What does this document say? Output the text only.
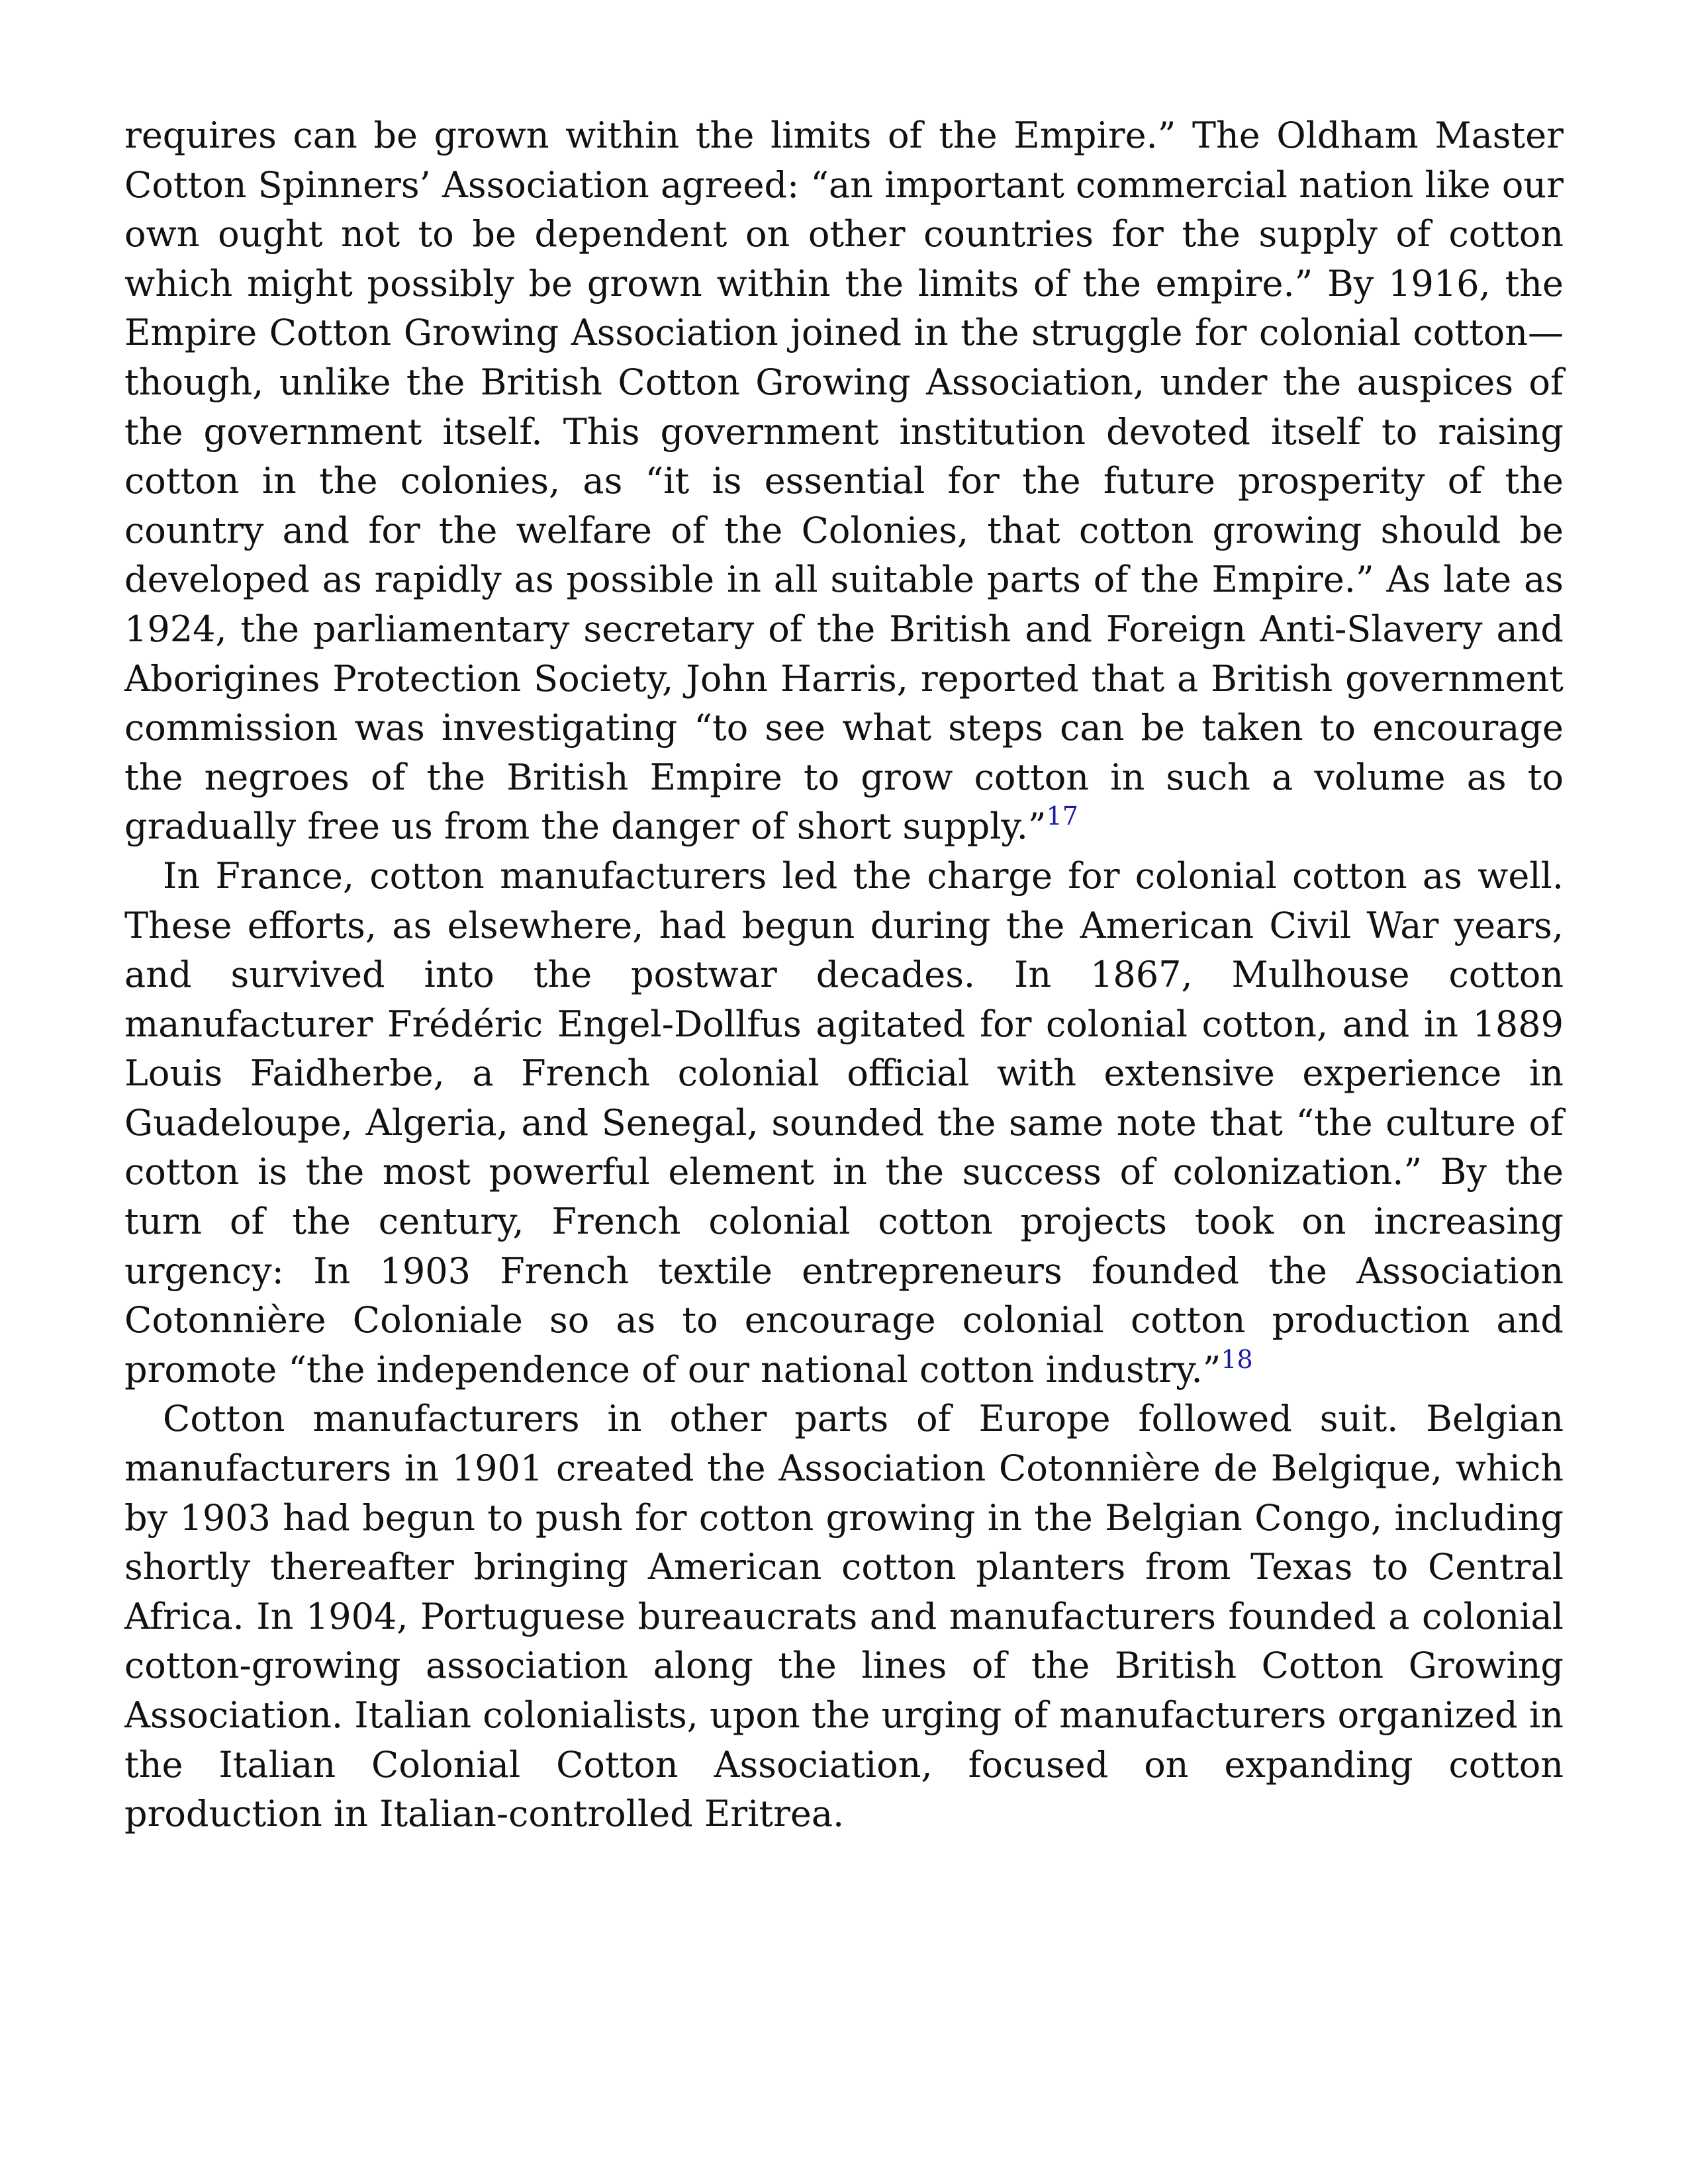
requires can be grown within the limits of the Empire.” The Oldham Master Cotton Spinners’ Association agreed: “an important commercial nation like our own ought not to be dependent on other countries for the supply of cotton which might possibly be grown within the limits of the empire.” By 1916, the Empire Cotton Growing Association joined in the struggle for colonial cotton—though, unlike the British Cotton Growing Association, under the auspices of the government itself. This government institution devoted itself to raising cotton in the colonies, as “it is essential for the future prosperity of the country and for the welfare of the Colonies, that cotton growing should be developed as rapidly as possible in all suitable parts of the Empire.” As late as 1924, the parliamentary secretary of the British and Foreign Anti-Slavery and Aborigines Protection Society, John Harris, reported that a British government commission was investigating “to see what steps can be taken to encourage the negroes of the British Empire to grow cotton in such a volume as to gradually free us from the danger of short supply.”$^{17}$

In France, cotton manufacturers led the charge for colonial cotton as well. These efforts, as elsewhere, had begun during the American Civil War years, and survived into the postwar decades. In 1867, Mulhouse cotton manufacturer Frédéric Engel-Dollfus agitated for colonial cotton, and in 1889 Louis Faidherbe, a French colonial official with extensive experience in Guadeloupe, Algeria, and Senegal, sounded the same note that “the culture of cotton is the most powerful element in the success of colonization.” By the turn of the century, French colonial cotton projects took on increasing urgency: In 1903 French textile entrepreneurs founded the Association Cotonnière Coloniale so as to encourage colonial cotton production and promote “the independence of our national cotton industry.”$^{18}$

Cotton manufacturers in other parts of Europe followed suit. Belgian manufacturers in 1901 created the Association Cotonnière de Belgique, which by 1903 had begun to push for cotton growing in the Belgian Congo, including shortly thereafter bringing American cotton planters from Texas to Central Africa. In 1904, Portuguese bureaucrats and manufacturers founded a colonial cotton-growing association along the lines of the British Cotton Growing Association. Italian colonialists, upon the urging of manufacturers organized in the Italian Colonial Cotton Association, focused on expanding cotton production in Italian-controlled Eritrea.
